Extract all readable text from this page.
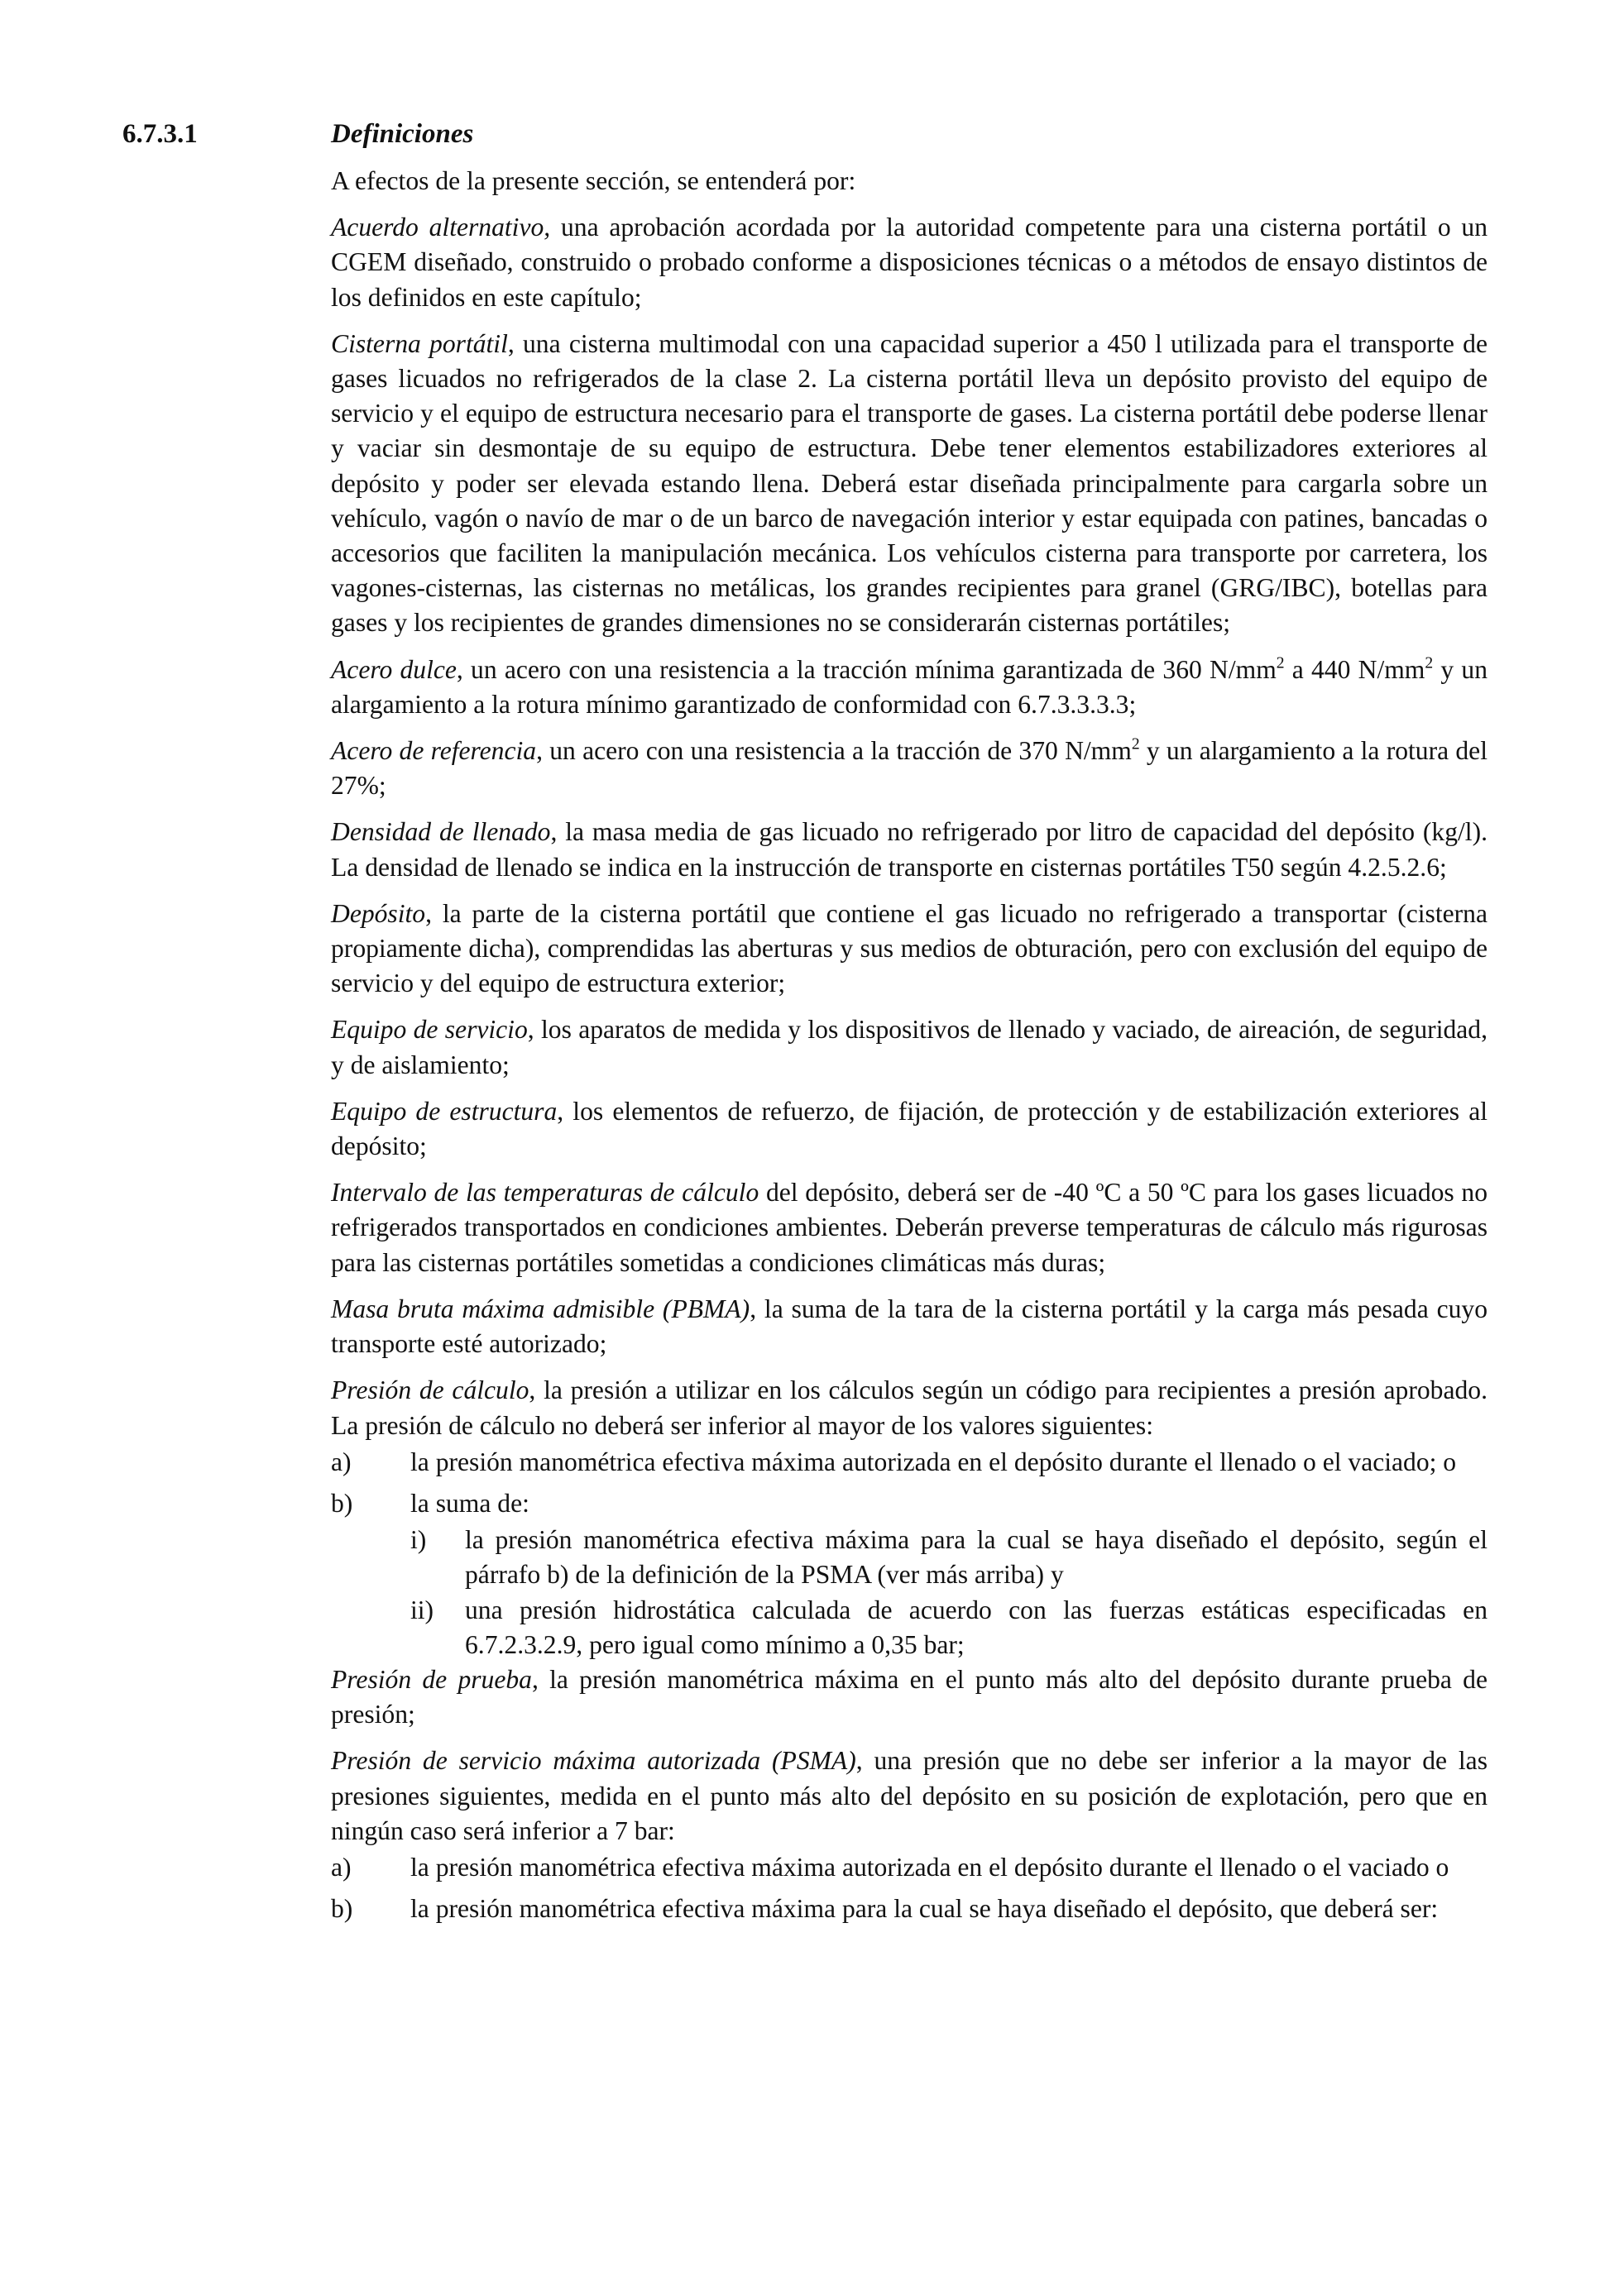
6.7.3.1	Definiciones

A efectos de la presente sección, se entenderá por:

Acuerdo alternativo, una aprobación acordada por la autoridad competente para una cisterna portátil o un CGEM diseñado, construido o probado conforme a disposiciones técnicas o a métodos de ensayo distintos de los definidos en este capítulo;

Cisterna portátil, una cisterna multimodal con una capacidad superior a 450 l utilizada para el transporte de gases licuados no refrigerados de la clase 2. La cisterna portátil lleva un depósito provisto del equipo de servicio y el equipo de estructura necesario para el transporte de gases. La cisterna portátil debe poderse llenar y vaciar sin desmontaje de su equipo de estructura. Debe tener elementos estabilizadores exteriores al depósito y poder ser elevada estando llena. Deberá estar diseñada principalmente para cargarla sobre un vehículo, vagón o navío de mar o de un barco de navegación interior y estar equipada con patines, bancadas o accesorios que faciliten la manipulación mecánica. Los vehículos cisterna para transporte por carretera, los vagones-cisternas, las cisternas no metálicas, los grandes recipientes para granel (GRG/IBC), botellas para gases y los recipientes de grandes dimensiones no se considerarán cisternas portátiles;

Acero dulce, un acero con una resistencia a la tracción mínima garantizada de 360 $N/mm^2$ a 440 $N/mm^2$ y un alargamiento a la rotura mínimo garantizado de conformidad con 6.7.3.3.3.3;

Acero de referencia, un acero con una resistencia a la tracción de 370 $N/mm^2$ y un alargamiento a la rotura del 27%;

Densidad de llenado, la masa media de gas licuado no refrigerado por litro de capacidad del depósito (kg/l). La densidad de llenado se indica en la instrucción de transporte en cisternas portátiles T50 según 4.2.5.2.6;

Depósito, la parte de la cisterna portátil que contiene el gas licuado no refrigerado a transportar (cisterna propiamente dicha), comprendidas las aberturas y sus medios de obturación, pero con exclusión del equipo de servicio y del equipo de estructura exterior;

Equipo de servicio, los aparatos de medida y los dispositivos de llenado y vaciado, de aireación, de seguridad, y de aislamiento;

Equipo de estructura, los elementos de refuerzo, de fijación, de protección y de estabilización exteriores al depósito;

Intervalo de las temperaturas de cálculo del depósito, deberá ser de -40 ºC a 50 ºC para los gases licuados no refrigerados transportados en condiciones ambientes. Deberán preverse temperaturas de cálculo más rigurosas para las cisternas portátiles sometidas a condiciones climáticas más duras;

Masa bruta máxima admisible (PBMA), la suma de la tara de la cisterna portátil y la carga más pesada cuyo transporte esté autorizado;

Presión de cálculo, la presión a utilizar en los cálculos según un código para recipientes a presión aprobado. La presión de cálculo no deberá ser inferior al mayor de los valores siguientes:

a)	la presión manométrica efectiva máxima autorizada en el depósito durante el llenado o el vaciado; o
b)	la suma de:
i)	la presión manométrica efectiva máxima para la cual se haya diseñado el depósito, según el párrafo b) de la definición de la PSMA (ver más arriba) y
ii)	una presión hidrostática calculada de acuerdo con las fuerzas estáticas especificadas en 6.7.2.3.2.9, pero igual como mínimo a 0,35 bar;

Presión de prueba, la presión manométrica máxima en el punto más alto del depósito durante prueba de presión;

Presión de servicio máxima autorizada (PSMA), una presión que no debe ser inferior a la mayor de las presiones siguientes, medida en el punto más alto del depósito en su posición de explotación, pero que en ningún caso será inferior a 7 bar:

a)	la presión manométrica efectiva máxima autorizada en el depósito durante el llenado o el vaciado o
b)	la presión manométrica efectiva máxima para la cual se haya diseñado el depósito, que deberá ser:
